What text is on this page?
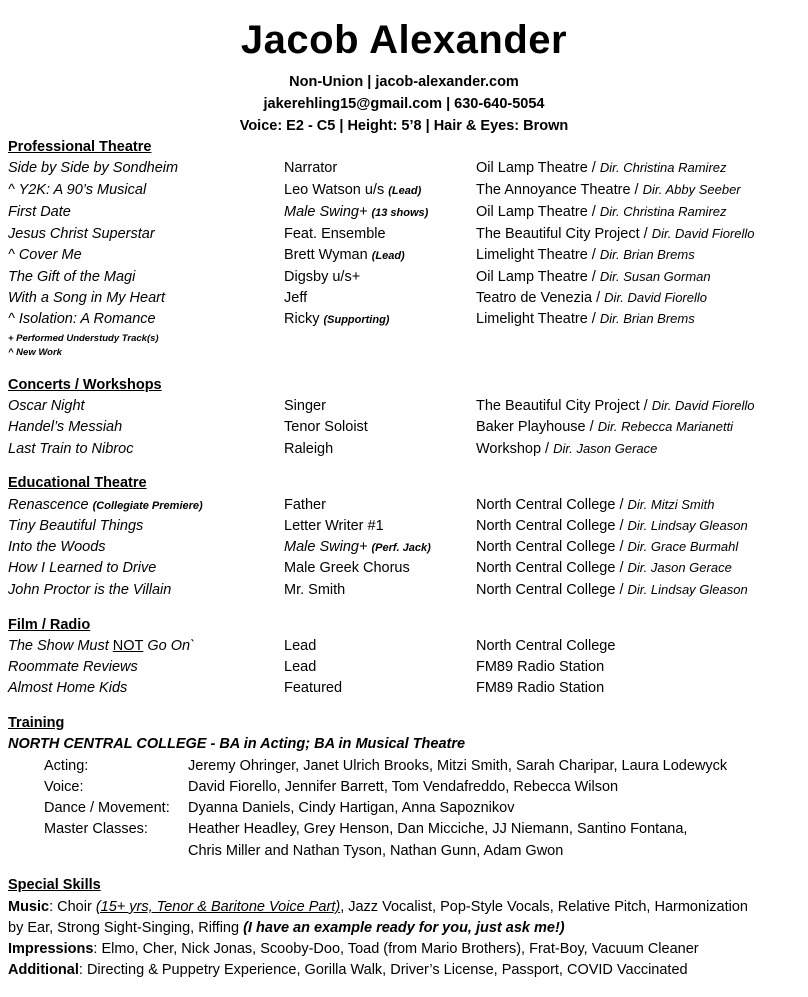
Jacob Alexander
Non-Union | jacob-alexander.com
jakerehling15@gmail.com | 630-640-5054
Voice: E2 - C5 | Height: 5’8 | Hair & Eyes: Brown
Professional Theatre
Side by Side by Sondheim	Narrator	Oil Lamp Theatre / Dir. Christina Ramirez
^ Y2K: A 90’s Musical	Leo Watson u/s (Lead)	The Annoyance Theatre / Dir. Abby Seeber
First Date	Male Swing+ (13 shows)	Oil Lamp Theatre / Dir. Christina Ramirez
Jesus Christ Superstar	Feat. Ensemble	The Beautiful City Project / Dir. David Fiorello
^ Cover Me	Brett Wyman (Lead)	Limelight Theatre / Dir. Brian Brems
The Gift of the Magi	Digsby u/s+	Oil Lamp Theatre / Dir. Susan Gorman
With a Song in My Heart	Jeff	Teatro de Venezia / Dir. David Fiorello
^ Isolation: A Romance	Ricky (Supporting)	Limelight Theatre / Dir. Brian Brems
+ Performed Understudy Track(s)
^ New Work
Concerts / Workshops
Oscar Night	Singer	The Beautiful City Project / Dir. David Fiorello
Handel’s Messiah	Tenor Soloist	Baker Playhouse / Dir. Rebecca Marianetti
Last Train to Nibroc	Raleigh	Workshop / Dir. Jason Gerace
Educational Theatre
Renascence (Collegiate Premiere)	Father	North Central College / Dir. Mitzi Smith
Tiny Beautiful Things	Letter Writer #1	North Central College / Dir. Lindsay Gleason
Into the Woods	Male Swing+ (Perf. Jack)	North Central College / Dir. Grace Burmahl
How I Learned to Drive	Male Greek Chorus	North Central College / Dir. Jason Gerace
John Proctor is the Villain	Mr. Smith	North Central College / Dir. Lindsay Gleason
Film / Radio
The Show Must NOT Go On`	Lead	North Central College
Roommate Reviews	Lead	FM89 Radio Station
Almost Home Kids	Featured	FM89 Radio Station
Training
NORTH CENTRAL COLLEGE - BA in Acting; BA in Musical Theatre
Acting:	Jeremy Ohringer, Janet Ulrich Brooks, Mitzi Smith, Sarah Charipar, Laura Lodewyck
Voice:	David Fiorello, Jennifer Barrett, Tom Vendafreddo, Rebecca Wilson
Dance / Movement: Dyanna Daniels, Cindy Hartigan, Anna Sapoznikov
Master Classes:	Heather Headley, Grey Henson, Dan Micciche, JJ Niemann, Santino Fontana,
Chris Miller and Nathan Tyson, Nathan Gunn, Adam Gwon
Special Skills
Music: Choir (15+ yrs, Tenor & Baritone Voice Part), Jazz Vocalist, Pop-Style Vocals, Relative Pitch, Harmonization
by Ear, Strong Sight-Singing, Riffing (I have an example ready for you, just ask me!)
Impressions: Elmo, Cher, Nick Jonas, Scooby-Doo, Toad (from Mario Brothers), Frat-Boy, Vacuum Cleaner
Additional: Directing & Puppetry Experience, Gorilla Walk, Driver’s License, Passport, COVID Vaccinated
